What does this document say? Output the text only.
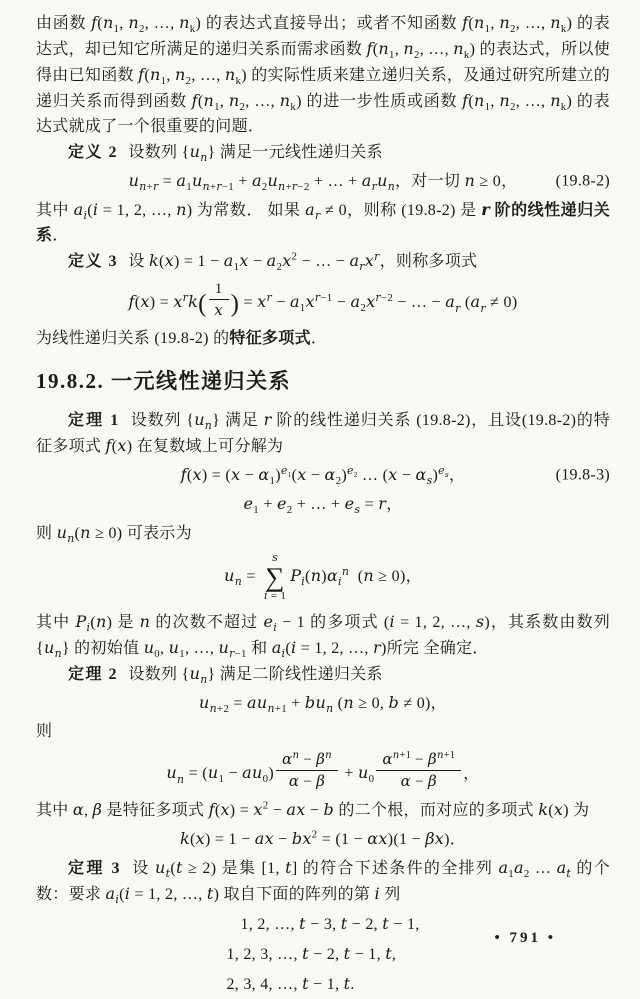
由函数 $f(n_1$, $n_2$, …, $n_k$) 的表达式直接导出；或者不知函数 $f(n_1$, $n_2$, …, $n_k$) 的表达式，却已知它所满足的递归关系而需求函数 $f(n_1$, $n_2$, …, $n_k$) 的表达式，所以使得由已知函数 $f(n_1$, $n_2$, …, $n_k$) 的实际性质来建立递归关系，及通过研究所建立的递归关系而得到函数 $f(n_1$, $n_2$, …, $n_k$) 的进一步性质或函数 $f(n_1$, $n_2$, …, $n_k$) 的表达式就成了一个很重要的问题．

定义 2 设数列 $\{u_n\}$ 满足一元线性递归关系

$u_{n+r} = a_1u_{n+r-1} + a_2u_{n+r-2}$ + … + $a_ru_n$，对一切 n ≥ 0， (19.8-2)

其中 $a_i(i = 1$, 2, …, n) 为常数． 如果 $a_r \ne 0$，则称 (19.8-2) 是 r 阶的线性递归关系．

定义 3 设 $k(x) = 1 - a_1x - a_2x^2$ − … − $a_rx^r$，则称多项式

$f(x) = x^rk( \frac{1}{x}$ ) = $x^r - a_1x^{r-1} - a_2x^{r-2}$ − … − $a_r$ $(a_r \ne 0)$

为线性递归关系 (19.8-2) 的特征多项式．

19.8.2. 一元线性递归关系

定理 1 设数列 $\{u_n\}$ 满足 r 阶的线性递归关系 (19.8-2)，且设(19.8-2)的特征多项式 f(x) 在复数域上可分解为

$f(x) = (x - \alpha_1)^{e_1}(x - \alpha_2)^{e_2}$ … $(x - \alpha_s)^{e_s}$，	(19.8-3)
$e_1 + e_2$ + … + $e_s = r$，

则 $u_n(n \ge 0)$ 可表示为

$u_n$ =
s
∑
i = 1
$P_i(n)\alpha_i^n$  (n ≥ 0)，

其中 $P_i(n)$ 是 n 的次数不超过 $e_i - 1$ 的多项式 (i = 1, 2, …, s)，其系数由数列 $\{u_n\}$ 的初始值 $u_0$, $u_1$, …, $u_{r-1}$ 和 $a_i(i = 1$, 2, …, r)所完 全确定．

定理 2 设数列 $\{u_n\}$ 满足二阶线性递归关系

$u_{n+2} = au_{n+1} + bu_n$ (n ≥ 0, b ≠ 0)，

则

$u_n = (u_1 - au_0) \frac{\alpha^n - \beta^n}{\alpha - \beta} + u_0 \frac{\alpha^{n+1} - \beta^{n+1}}{\alpha - \beta}$ ，

其中 α, β 是特征多项式 $f(x) = x^2$ − ax − b 的二个根，而对应的多项式 k(x) 为

k(x) = 1 − ax − $bx^2 = (1 - \alpha x)(1 - \beta x)$．

定理 3 设 $u_t(t \ge 2)$ 是集 [1, t] 的符合下述条件的全排列 $a_1a_2$ … $a_t$ 的个数：要求 $a_i(i = 1$, 2, …, t) 取自下面的阵列的第 i 列

1, 2, …, t − 3, t − 2, t − 1,
1, 2, 3, …, t − 2, t − 1, t,
2, 3, 4, …, t − 1, t.
• 791 •
